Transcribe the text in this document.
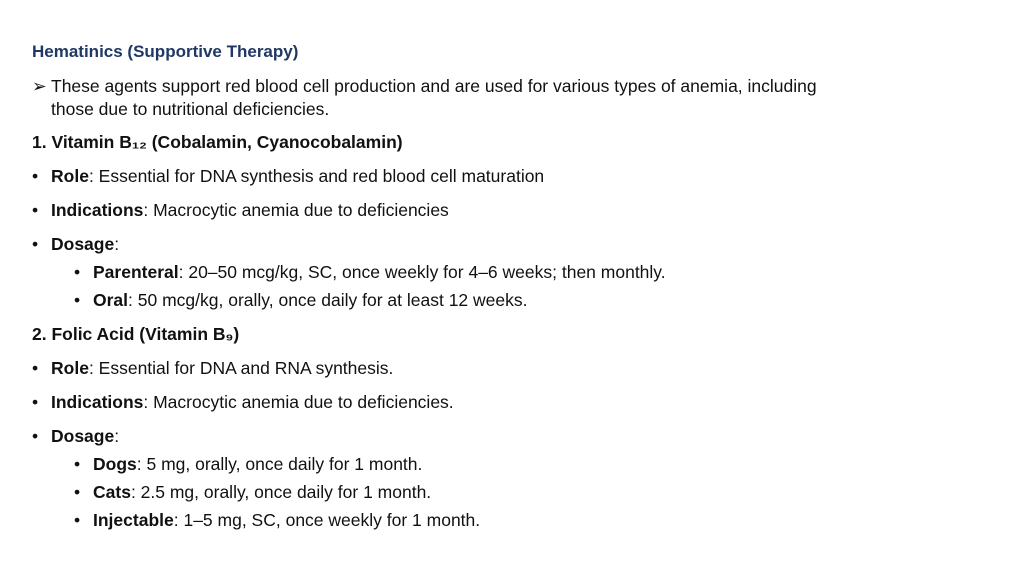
Hematinics (Supportive Therapy)
➢ These agents support red blood cell production and are used for various types of anemia, including
those due to nutritional deficiencies.
1. Vitamin B₁₂ (Cobalamin, Cyanocobalamin)
• Role: Essential for DNA synthesis and red blood cell maturation
• Indications: Macrocytic anemia due to deficiencies
• Dosage:
• Parenteral: 20–50 mcg/kg, SC, once weekly for 4–6 weeks; then monthly.
• Oral: 50 mcg/kg, orally, once daily for at least 12 weeks.
2. Folic Acid (Vitamin B₉)
• Role: Essential for DNA and RNA synthesis.
• Indications: Macrocytic anemia due to deficiencies.
• Dosage:
• Dogs: 5 mg, orally, once daily for 1 month.
• Cats: 2.5 mg, orally, once daily for 1 month.
• Injectable: 1–5 mg, SC, once weekly for 1 month.
